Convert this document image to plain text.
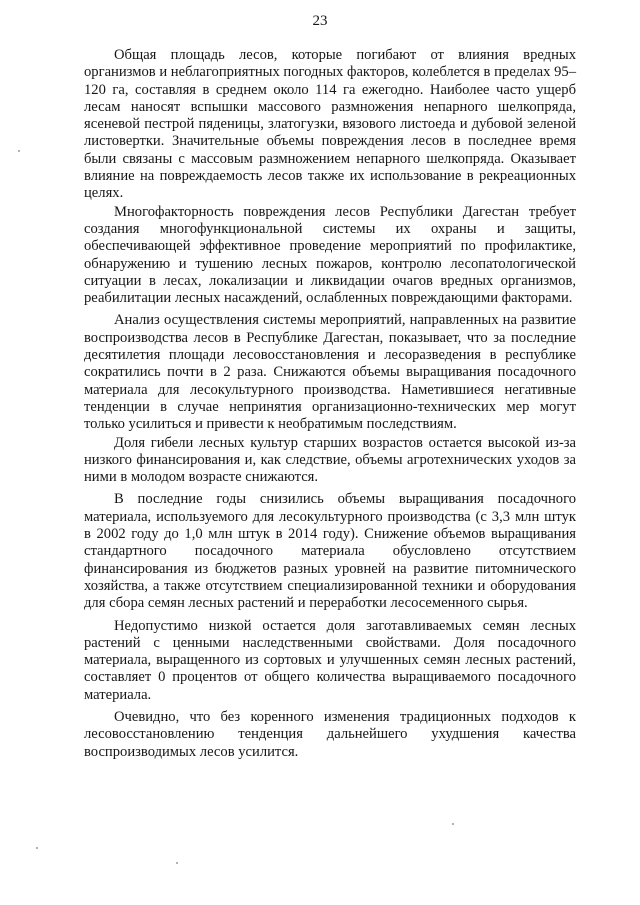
23

Общая площадь лесов, которые погибают от влияния вредных организмов и неблагоприятных погодных факторов, колеблется в пределах 95–120 га, составляя в среднем около 114 га ежегодно. Наиболее часто ущерб лесам наносят вспышки массового размножения непарного шелкопряда, ясеневой пестрой пяденицы, златогузки, вязового листоеда и дубовой зеленой листовертки. Значительные объемы повреждения лесов в последнее время были связаны с массовым размножением непарного шелкопряда. Оказывает влияние на повреждаемость лесов также их использование в рекреационных целях.

Многофакторность повреждения лесов Республики Дагестан требует создания многофункциональной системы их охраны и защиты, обеспечивающей эффективное проведение мероприятий по профилактике, обнаружению и тушению лесных пожаров, контролю лесопатологической ситуации в лесах, локализации и ликвидации очагов вредных организмов, реабилитации лесных насаждений, ослабленных повреждающими факторами.

Анализ осуществления системы мероприятий, направленных на развитие воспроизводства лесов в Республике Дагестан, показывает, что за последние десятилетия площади лесовосстановления и лесоразведения в республике сократились почти в 2 раза. Снижаются объемы выращивания посадочного материала для лесокультурного производства. Наметившиеся негативные тенденции в случае непринятия организационно-технических мер могут только усилиться и привести к необратимым последствиям.

Доля гибели лесных культур старших возрастов остается высокой из-за низкого финансирования и, как следствие, объемы агротехнических уходов за ними в молодом возрасте снижаются.

В последние годы снизились объемы выращивания посадочного материала, используемого для лесокультурного производства (с 3,3 млн штук в 2002 году до 1,0 млн штук в 2014 году). Снижение объемов выращивания стандартного посадочного материала обусловлено отсутствием финансирования из бюджетов разных уровней на развитие питомнического хозяйства, а также отсутствием специализированной техники и оборудования для сбора семян лесных растений и переработки лесосеменного сырья.

Недопустимо низкой остается доля заготавливаемых семян лесных растений с ценными наследственными свойствами. Доля посадочного материала, выращенного из сортовых и улучшенных семян лесных растений, составляет 0 процентов от общего количества выращиваемого посадочного материала.

Очевидно, что без коренного изменения традиционных подходов к лесовосстановлению тенденция дальнейшего ухудшения качества воспроизводимых лесов усилится.
